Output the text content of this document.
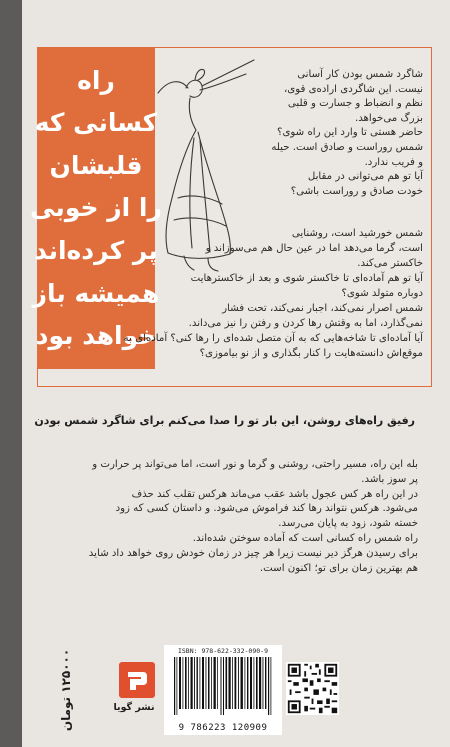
راه
کسانی که
قلبشان
را از خوبی
پر کرده‌اند
همیشه باز
خواهد بود

شاگرد شمس بودن کار آسانی

نیست. این شاگردی اراده‌ی قوی،

نظم و انضباط و جسارت و قلبی

بزرگ می‌خواهد.

حاضر هستی تا وارد این راه شوی؟

شمس روراست و صادق است. حیله

و فریب ندارد.

آیا تو هم می‌توانی در مقابل

خودت صادق و روراست باشی؟

شمس خورشید است، روشنایی

است، گرما می‌دهد اما در عین حال هم می‌سوزاند و

خاکستر می‌کند.

آیا تو هم آماده‌ای تا خاکستر شوی و بعد از خاکسترهایت

دوباره متولد شوی؟

شمس اصرار نمی‌کند، اجبار نمی‌کند، تحت فشار

نمی‌گذارد، اما به وقتش رها کردن و رفتن را نیز می‌داند.

آیا آماده‌ای تا شاخه‌هایی که به آن متصل شده‌ای را رها کنی؟ آماده‌ای به

موقع‌اش دانسته‌هایت را کنار بگذاری و از نو بیاموزی؟

رفیق راه‌های روشن، این بار تو را صدا می‌کنم برای شاگرد شمس بودن

بله این راه، مسیر راحتی، روشنی و گرما و نور است، اما می‌تواند پر حرارت و

پر سوز باشد.

در این راه هر کس عجول باشد عقب می‌ماند هرکس تقلب کند حذف

می‌شود. هرکس نتواند رها کند فراموش می‌شود. و داستان کسی که زود

خسته شود، زود به پایان می‌رسد.

راه شمس راه کسانی است که آماده سوختن شده‌اند.

برای رسیدن هرگز دیر نیست زیرا هر چیز در زمان خودش روی خواهد داد شاید

هم بهترین زمان برای تو؛ اکنون است.

۱۲۵۰۰۰ تومان
نشر گویا
ISBN: 978-622-332-090-9
9 786223 120909
